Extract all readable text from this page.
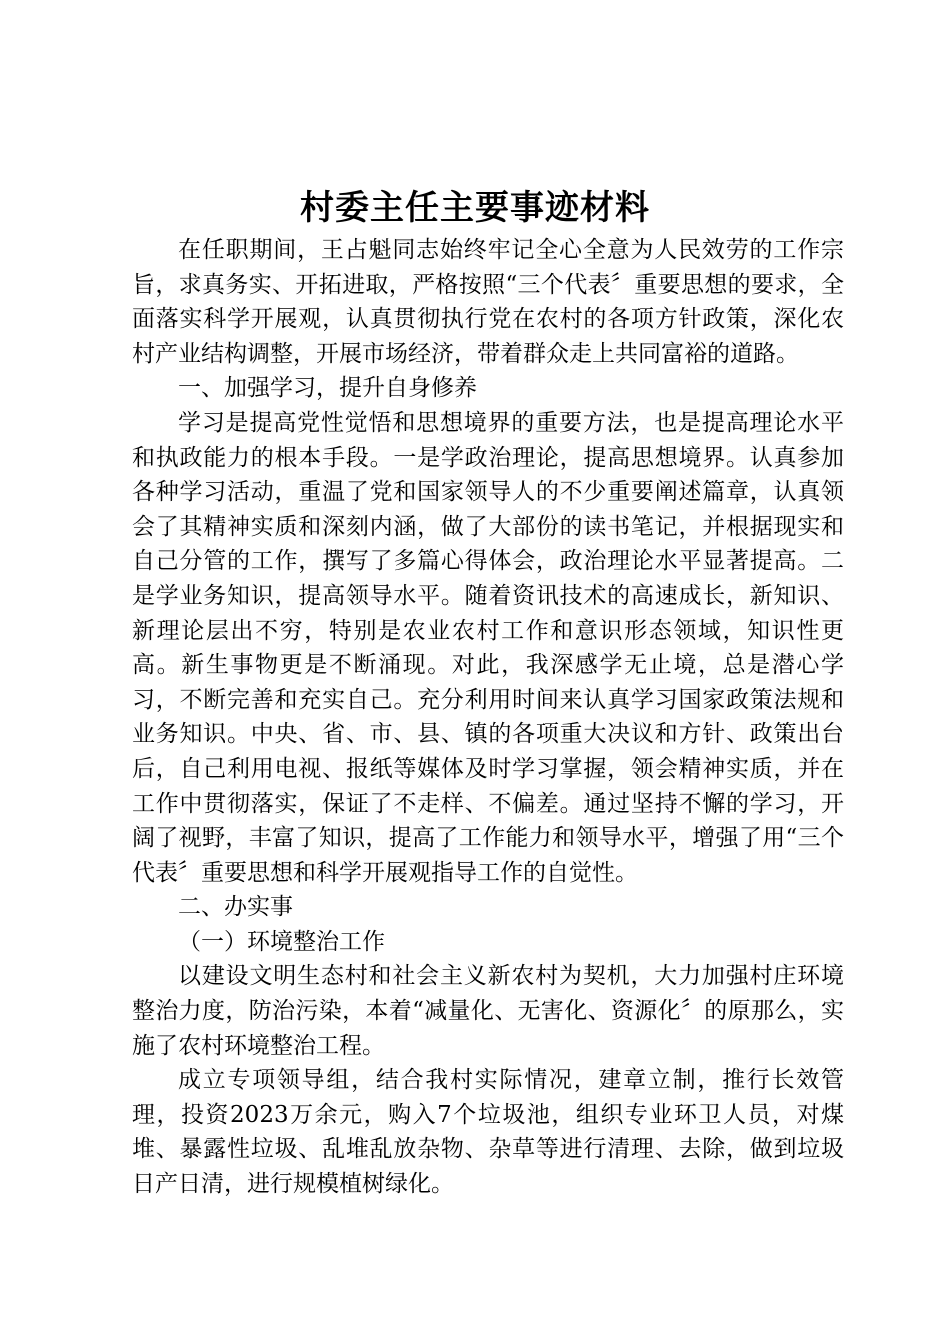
村委主任主要事迹材料

在任职期间，王占魁同志始终牢记全心全意为人民效劳的工作宗旨，求真务实、开拓进取，严格按照“三个代表〞重要思想的要求，全面落实科学开展观，认真贯彻执行党在农村的各项方针政策，深化农村产业结构调整，开展市场经济，带着群众走上共同富裕的道路。

一、加强学习，提升自身修养

学习是提高党性觉悟和思想境界的重要方法，也是提高理论水平和执政能力的根本手段。一是学政治理论，提高思想境界。认真参加各种学习活动，重温了党和国家领导人的不少重要阐述篇章，认真领会了其精神实质和深刻内涵，做了大部份的读书笔记，并根据现实和自己分管的工作，撰写了多篇心得体会，政治理论水平显著提高。二是学业务知识，提高领导水平。随着资讯技术的高速成长，新知识、新理论层出不穷，特别是农业农村工作和意识形态领域，知识性更高。新生事物更是不断涌现。对此，我深感学无止境，总是潜心学习，不断完善和充实自己。充分利用时间来认真学习国家政策法规和业务知识。中央、省、市、县、镇的各项重大决议和方针、政策出台后，自己利用电视、报纸等媒体及时学习掌握，领会精神实质，并在工作中贯彻落实，保证了不走样、不偏差。通过坚持不懈的学习，开阔了视野，丰富了知识，提高了工作能力和领导水平，增强了用“三个代表〞重要思想和科学开展观指导工作的自觉性。

二、办实事

（一）环境整治工作

以建设文明生态村和社会主义新农村为契机，大力加强村庄环境整治力度，防治污染，本着“减量化、无害化、资源化〞的原那么，实施了农村环境整治工程。

成立专项领导组，结合我村实际情况，建章立制，推行长效管理，投资2023万余元，购入7个垃圾池，组织专业环卫人员，对煤堆、暴露性垃圾、乱堆乱放杂物、杂草等进行清理、去除，做到垃圾日产日清，进行规模植树绿化。
